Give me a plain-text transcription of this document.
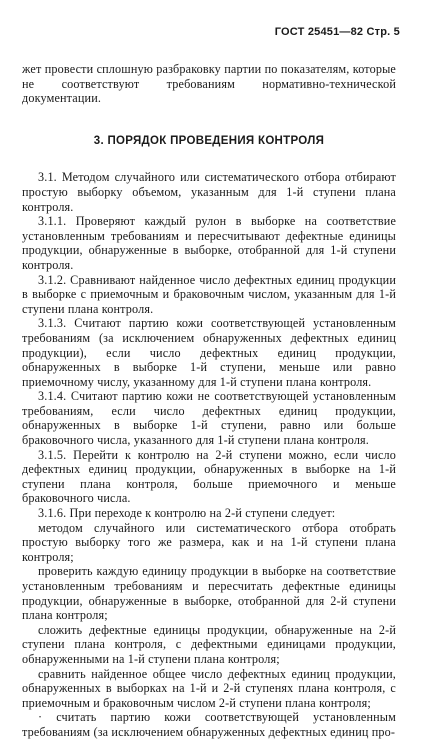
ГОСТ 25451—82 Стр. 5

жет провести сплошную разбраковку партии по показателям, которые не соответствуют требованиям нормативно-технической документации.

3. ПОРЯДОК ПРОВЕДЕНИЯ КОНТРОЛЯ

3.1. Методом случайного или систематического отбора отбирают простую выборку объемом, указанным для 1-й ступени плана контроля.

3.1.1. Проверяют каждый рулон в выборке на соответствие установленным требованиям и пересчитывают дефектные единицы продукции, обнаруженные в выборке, отобранной для 1-й ступени контроля.

3.1.2. Сравнивают найденное число дефектных единиц продукции в выборке с приемочным и браковочным числом, указанным для 1-й ступени плана контроля.

3.1.3. Считают партию кожи соответствующей установленным требованиям (за исключением обнаруженных дефектных единиц продукции), если число дефектных единиц продукции, обнаруженных в выборке 1-й ступени, меньше или равно приемочному числу, указанному для 1-й ступени плана контроля.

3.1.4. Считают партию кожи не соответствующей установленным требованиям, если число дефектных единиц продукции, обнаруженных в выборке 1-й ступени, равно или больше браковочного числа, указанного для 1-й ступени плана контроля.

3.1.5. Перейти к контролю на 2-й ступени можно, если число дефектных единиц продукции, обнаруженных в выборке на 1-й ступени плана контроля, больше приемочного и меньше браковочного числа.

3.1.6. При переходе к контролю на 2-й ступени следует:

методом случайного или систематического отбора отобрать простую выборку того же размера, как и на 1-й ступени плана контроля;

проверить каждую единицу продукции в выборке на соответствие установленным требованиям и пересчитать дефектные единицы продукции, обнаруженные в выборке, отобранной для 2-й ступени плана контроля;

сложить дефектные единицы продукции, обнаруженные на 2-й ступени плана контроля, с дефектными единицами продукции, обнаруженными на 1-й ступени плана контроля;

сравнить найденное общее число дефектных единиц продукции, обнаруженных в выборках на 1-й и 2-й ступенях плана контроля, с приемочным и браковочным числом 2-й ступени плана контроля;

· считать партию кожи соответствующей установленным требованиям (за исключением обнаруженных дефектных единиц про-
